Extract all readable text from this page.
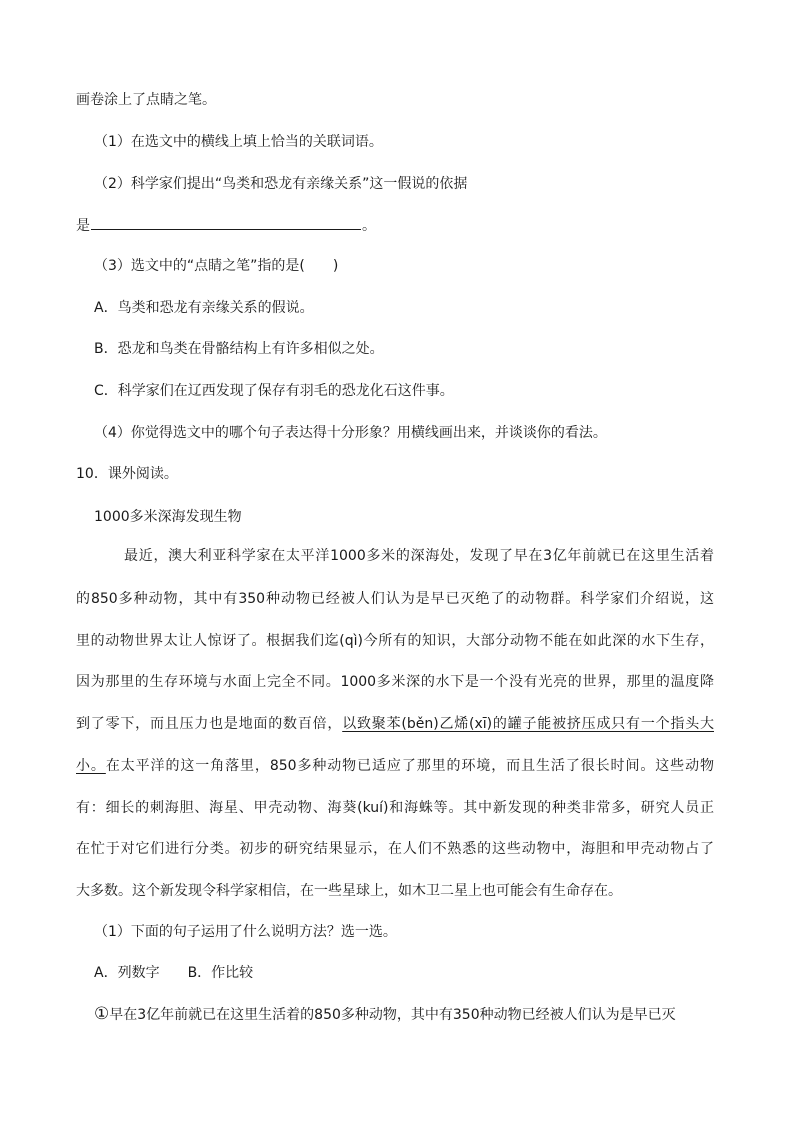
画卷涂上了点睛之笔。
（1）在选文中的横线上填上恰当的关联词语。
（2）科学家们提出“鸟类和恐龙有亲缘关系”这一假说的依据
是	。
（3）选文中的“点睛之笔”指的是(　　)
A．鸟类和恐龙有亲缘关系的假说。
B．恐龙和鸟类在骨骼结构上有许多相似之处。
C．科学家们在辽西发现了保存有羽毛的恐龙化石这件事。
（4）你觉得选文中的哪个句子表达得十分形象？用横线画出来，并谈谈你的看法。
10．课外阅读。
1000多米深海发现生物
最近，澳大利亚科学家在太平洋1000多米的深海处，发现了早在3亿年前就已在这里生活着
的850多种动物，其中有350种动物已经被人们认为是早已灭绝了的动物群。科学家们介绍说，这
里的动物世界太让人惊讶了。根据我们迄(qì)今所有的知识，大部分动物不能在如此深的水下生存，
因为那里的生存环境与水面上完全不同。1000多米深的水下是一个没有光亮的世界，那里的温度降
到了零下，而且压力也是地面的数百倍，以致聚苯(běn)乙烯(xī)的罐子能被挤压成只有一个指头大
小。在太平洋的这一角落里，850多种动物已适应了那里的环境，而且生活了很长时间。这些动物
有：细长的刺海胆、海星、甲壳动物、海葵(kuí)和海蛛等。其中新发现的种类非常多，研究人员正
在忙于对它们进行分类。初步的研究结果显示，在人们不熟悉的这些动物中，海胆和甲壳动物占了
大多数。这个新发现令科学家相信，在一些星球上，如木卫二星上也可能会有生命存在。
（1）下面的句子运用了什么说明方法？选一选。
A．列数字 B．作比较
①早在3亿年前就已在这里生活着的850多种动物，其中有350种动物已经被人们认为是早已灭
